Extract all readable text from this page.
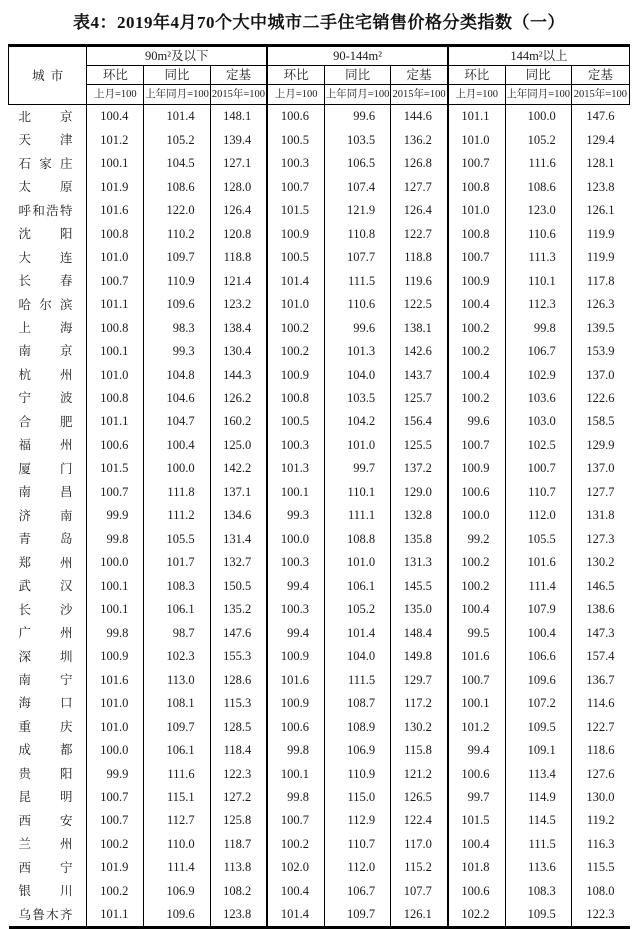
表4：2019年4月70个大中城市二手住宅销售价格分类指数（一）
城市	90m²及以下			90-144m²			144m²以上		
	环比	同比	定基	环比	同比	定基	环比	同比	定基
	上月=100	上年同月=100	2015年=100	上月=100	上年同月=100	2015年=100	上月=100	上年同月=100	2015年=100

北 京	100.4	101.4	148.1	100.6	99.6	144.6	101.1	100.0	147.6

天 津	101.2	105.2	139.4	100.5	103.5	136.2	101.0	105.2	129.4

石 家 庄	100.1	104.5	127.1	100.3	106.5	126.8	100.7	111.6	128.1

太 原	101.9	108.6	128.0	100.7	107.4	127.7	100.8	108.6	123.8

呼 和 浩 特	101.6	122.0	126.4	101.5	121.9	126.4	101.0	123.0	126.1

沈 阳	100.8	110.2	120.8	100.9	110.8	122.7	100.8	110.6	119.9

大 连	101.0	109.7	118.8	100.5	107.7	118.8	100.7	111.3	119.9

长 春	100.7	110.9	121.4	101.4	111.5	119.6	100.9	110.1	117.8

哈 尔 滨	101.1	109.6	123.2	101.0	110.6	122.5	100.4	112.3	126.3

上 海	100.8	98.3	138.4	100.2	99.6	138.1	100.2	99.8	139.5

南 京	100.1	99.3	130.4	100.2	101.3	142.6	100.2	106.7	153.9

杭 州	101.0	104.8	144.3	100.9	104.0	143.7	100.4	102.9	137.0

宁 波	100.8	104.6	126.2	100.8	103.5	125.7	100.2	103.6	122.6

合 肥	101.1	104.7	160.2	100.5	104.2	156.4	99.6	103.0	158.5

福 州	100.6	100.4	125.0	100.3	101.0	125.5	100.7	102.5	129.9

厦 门	101.5	100.0	142.2	101.3	99.7	137.2	100.9	100.7	137.0

南 昌	100.7	111.8	137.1	100.1	110.1	129.0	100.6	110.7	127.7

济 南	99.9	111.2	134.6	99.3	111.1	132.8	100.0	112.0	131.8

青 岛	99.8	105.5	131.4	100.0	108.8	135.8	99.2	105.5	127.3

郑 州	100.0	101.7	132.7	100.3	101.0	131.3	100.2	101.6	130.2

武 汉	100.1	108.3	150.5	99.4	106.1	145.5	100.2	111.4	146.5

长 沙	100.1	106.1	135.2	100.3	105.2	135.0	100.4	107.9	138.6

广 州	99.8	98.7	147.6	99.4	101.4	148.4	99.5	100.4	147.3

深 圳	100.9	102.3	155.3	100.9	104.0	149.8	101.6	106.6	157.4

南 宁	101.6	113.0	128.6	101.6	111.5	129.7	100.7	109.6	136.7

海 口	101.0	108.1	115.3	100.9	108.7	117.2	100.1	107.2	114.6

重 庆	101.0	109.7	128.5	100.6	108.9	130.2	101.2	109.5	122.7

成 都	100.0	106.1	118.4	99.8	106.9	115.8	99.4	109.1	118.6

贵 阳	99.9	111.6	122.3	100.1	110.9	121.2	100.6	113.4	127.6

昆 明	100.7	115.1	127.2	99.8	115.0	126.5	99.7	114.9	130.0

西 安	100.7	112.7	125.8	100.7	112.9	122.4	101.5	114.5	119.2

兰 州	100.2	110.0	118.7	100.2	110.7	117.0	100.4	111.5	116.3

西 宁	101.9	111.4	113.8	102.0	112.0	115.2	101.8	113.6	115.5

银 川	100.2	106.9	108.2	100.4	106.7	107.7	100.6	108.3	108.0

乌 鲁 木 齐	101.1	109.6	123.8	101.4	109.7	126.1	102.2	109.5	122.3
